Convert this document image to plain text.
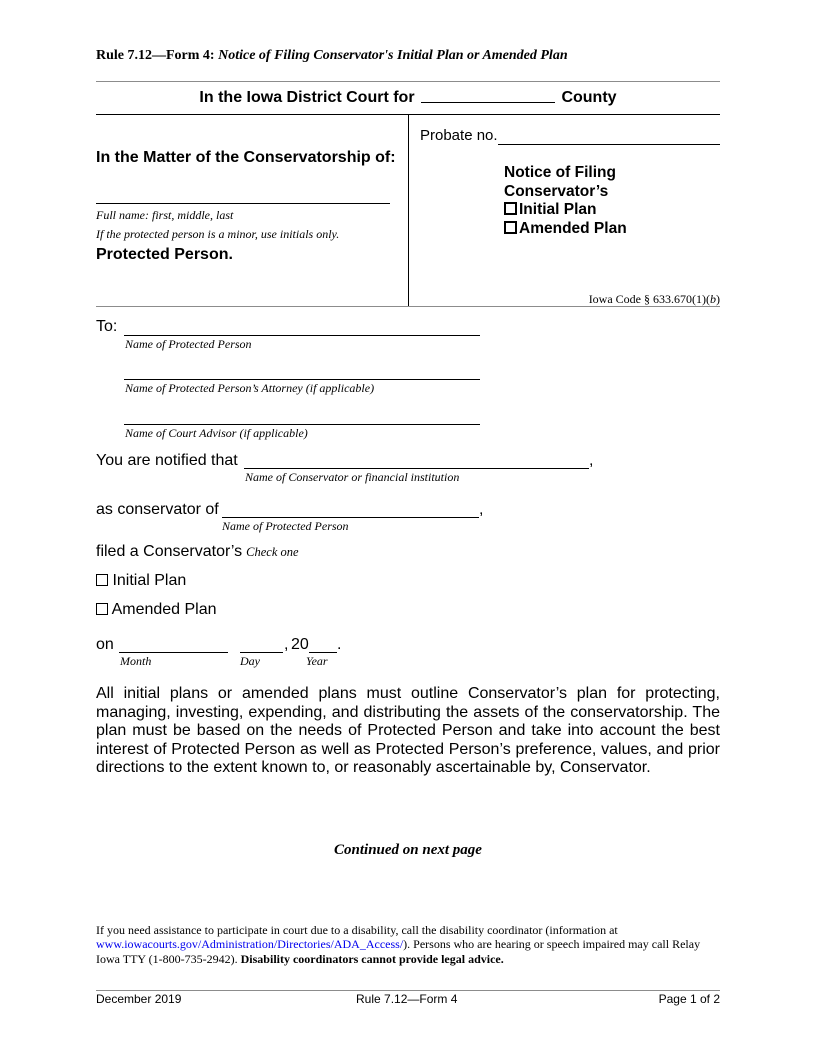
Rule 7.12—Form 4: Notice of Filing Conservator's Initial Plan or Amended Plan
In the Iowa District Court for	County
In the Matter of the Conservatorship of:
Full name: first, middle, last
If the protected person is a minor, use initials only.
Protected Person.
Probate no.
Notice of Filing
Conservator’s
Initial Plan
Amended Plan
Iowa Code § 633.670(1)(b)
To:
Name of Protected Person
Name of Protected Person’s Attorney (if applicable)
Name of Court Advisor (if applicable)
You are notified that	,
Name of Conservator or financial institution
as conservator of	,
Name of Protected Person
filed a Conservator’s Check one
Initial Plan
Amended Plan
on	, 20 .
Month	Day	Year
All initial plans or amended plans must outline Conservator’s plan for protecting, managing, investing, expending, and distributing the assets of the conservatorship. The plan must be based on the needs of Protected Person and take into account the best interest of Protected Person as well as Protected Person’s preference, values, and prior directions to the extent known to, or reasonably ascertainable by, Conservator.
Continued on next page
If you need assistance to participate in court due to a disability, call the disability coordinator (information at
www.iowacourts.gov/Administration/Directories/ADA_Access/). Persons who are hearing or speech impaired may call Relay
Iowa TTY (1-800-735-2942). Disability coordinators cannot provide legal advice.
December 2019	Rule 7.12—Form 4	Page 1 of 2
